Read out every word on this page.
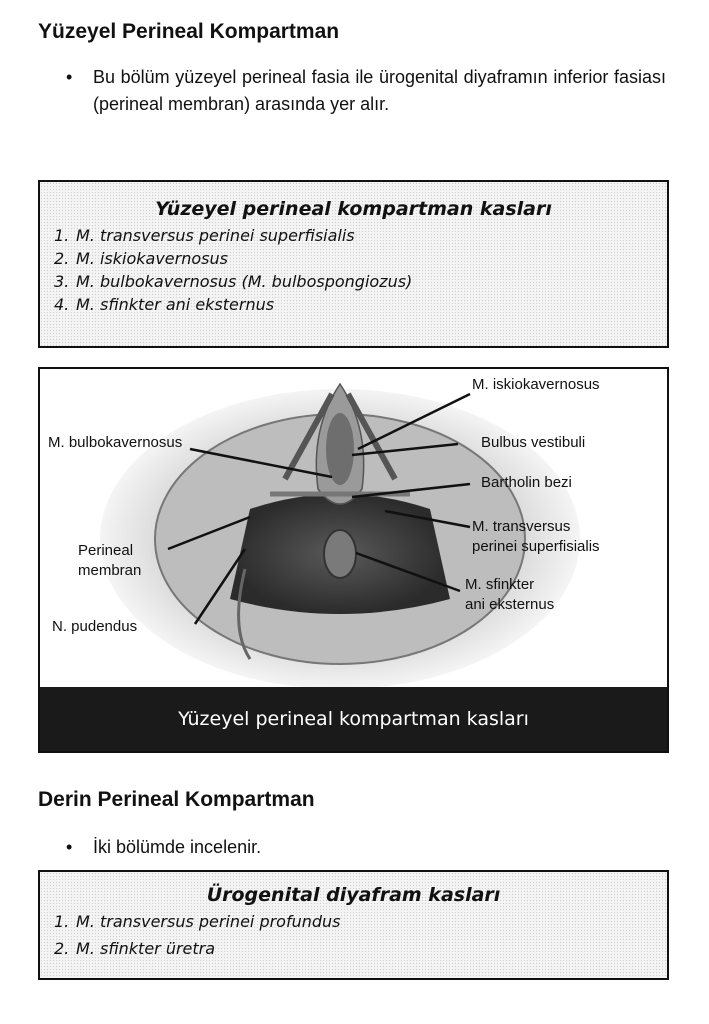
Yüzeyel Perineal Kompartman
• Bu bölüm yüzeyel perineal fasia ile ürogenital diyaframın inferior fasiası (perineal membran) arasında yer alır.
Yüzeyel perineal kompartman kasları
1. M. transversus perinei superfisialis
2. M. iskiokavernosus
3. M. bulbokavernosus (M. bulbospongiozus)
4. M. sfinkter ani eksternus
M. iskiokavernosus
M. bulbokavernosus	Bulbus vestibuli
Bartholin bezi
M. transversus
perinei superfisialis
Perineal
membran
M. sfinkter
ani eksternus
N. pudendus
Yüzeyel perineal kompartman kasları
Derin Perineal Kompartman
• İki bölümde incelenir.
Ürogenital diyafram kasları
1. M. transversus perinei profundus
2. M. sfinkter üretra
